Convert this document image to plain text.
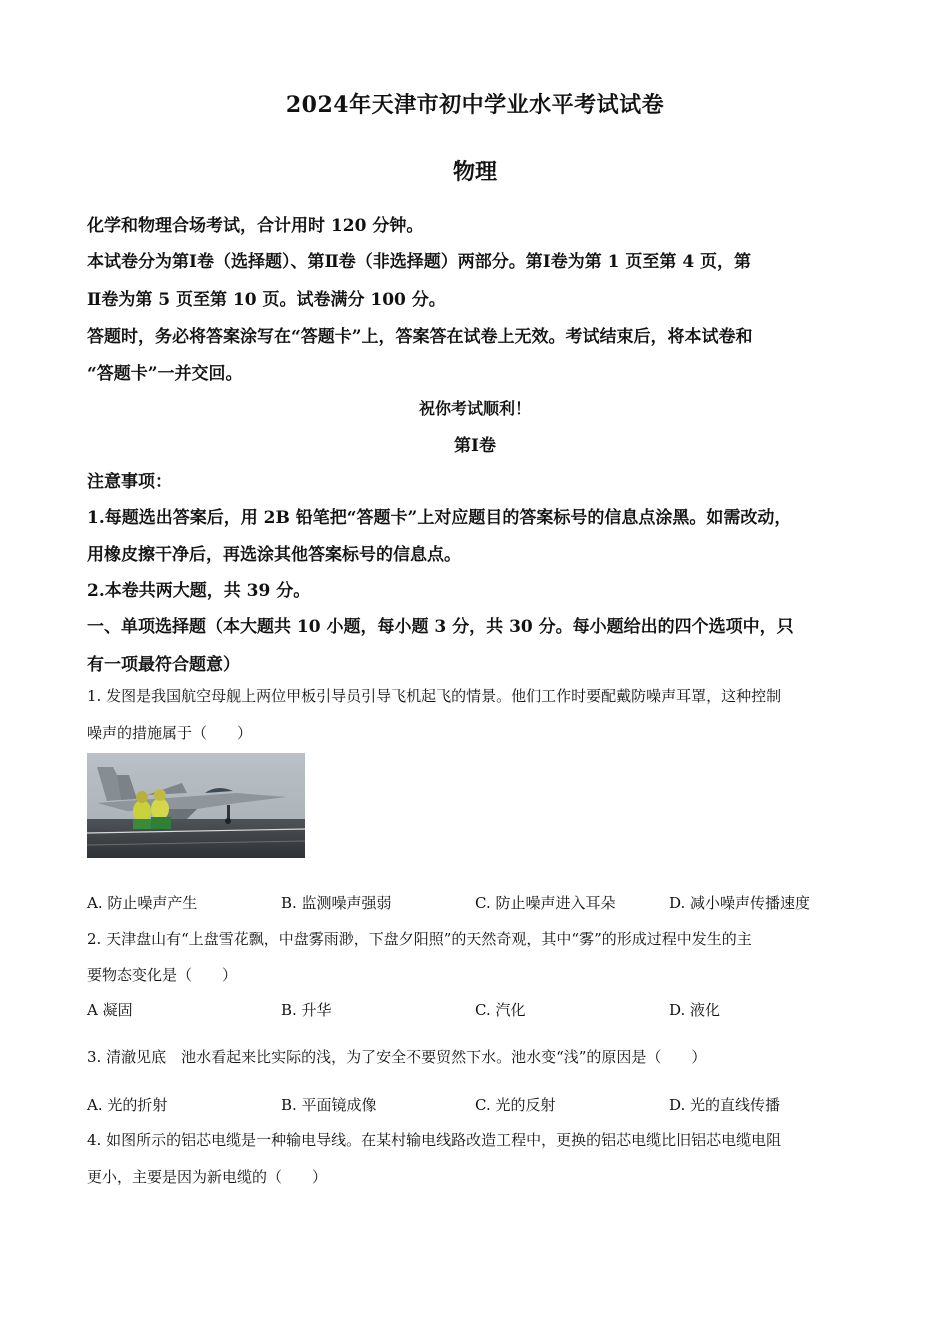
2024年天津市初中学业水平考试试卷
物理
化学和物理合场考试，合计用时 120 分钟。
本试卷分为第Ⅰ卷（选择题）、第Ⅱ卷（非选择题）两部分。第Ⅰ卷为第 1 页至第 4 页，第
Ⅱ卷为第 5 页至第 10 页。试卷满分 100 分。
答题时，务必将答案涂写在“答题卡”上，答案答在试卷上无效。考试结束后，将本试卷和
“答题卡”一并交回。
祝你考试顺利！
第Ⅰ卷
注意事项：
1.每题选出答案后，用 2B 铅笔把“答题卡”上对应题目的答案标号的信息点涂黑。如需改动，
用橡皮擦干净后，再选涂其他答案标号的信息点。
2.本卷共两大题，共 39 分。
一、单项选择题（本大题共 10 小题，每小题 3 分，共 30 分。每小题给出的四个选项中，只
有一项最符合题意）
1. 发图是我国航空母舰上两位甲板引导员引导飞机起飞的情景。他们工作时要配戴防噪声耳罩，这种控制
噪声的措施属于（　　）
A. 防止噪声产生	B. 监测噪声强弱	C. 防止噪声进入耳朵	D. 减小噪声传播速度
2. 天津盘山有“上盘雪花飘，中盘雾雨渺，下盘夕阳照”的天然奇观，其中“雾”的形成过程中发生的主
要物态变化是（　　）
A 凝固	B. 升华	C. 汽化	D. 液化
3. 清澈见底　池水看起来比实际的浅，为了安全不要贸然下水。池水变“浅”的原因是（　　）
A. 光的折射	B. 平面镜成像	C. 光的反射	D. 光的直线传播
4. 如图所示的铝芯电缆是一种输电导线。在某村输电线路改造工程中，更换的铝芯电缆比旧铝芯电缆电阻
更小，主要是因为新电缆的（　　）
